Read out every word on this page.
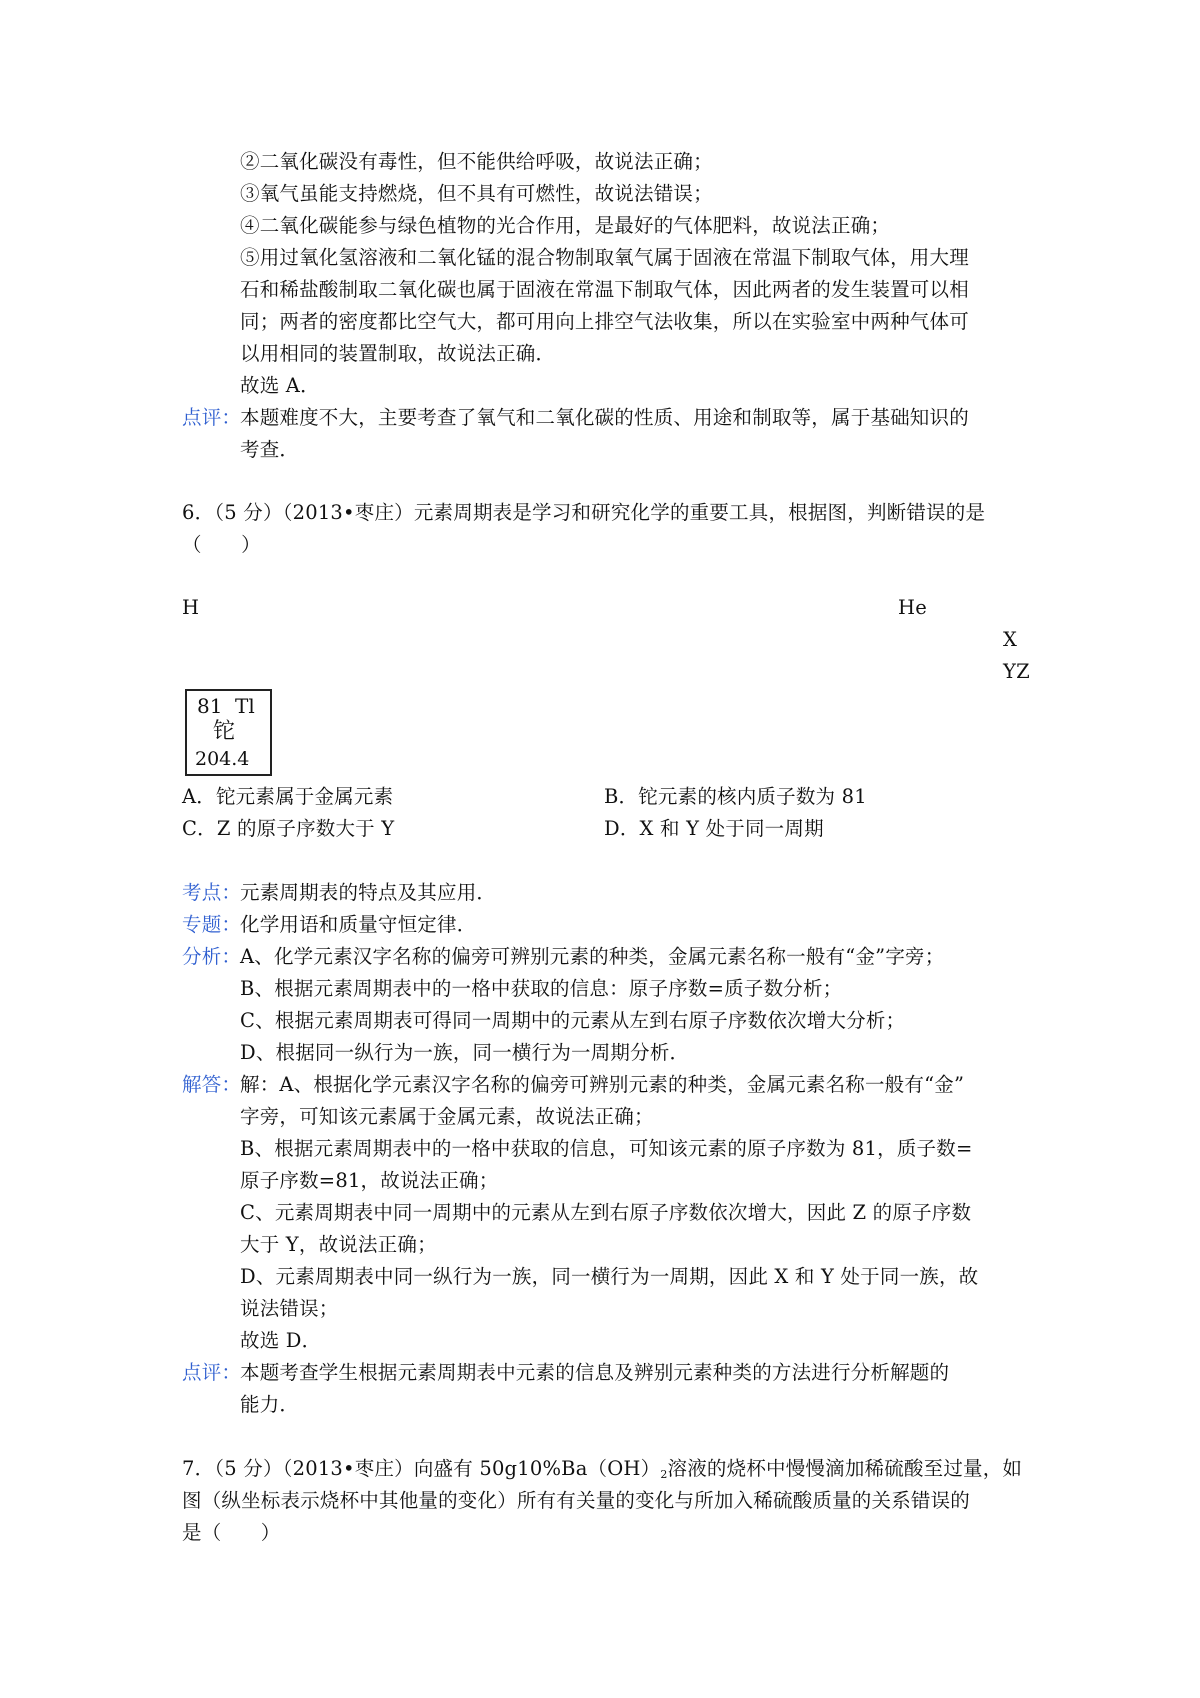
②二氧化碳没有毒性，但不能供给呼吸，故说法正确；
③氧气虽能支持燃烧，但不具有可燃性，故说法错误；
④二氧化碳能参与绿色植物的光合作用，是最好的气体肥料，故说法正确；
⑤用过氧化氢溶液和二氧化锰的混合物制取氧气属于固液在常温下制取气体，用大理
石和稀盐酸制取二氧化碳也属于固液在常温下制取气体，因此两者的发生装置可以相
同；两者的密度都比空气大，都可用向上排空气法收集，所以在实验室中两种气体可
以用相同的装置制取，故说法正确．
故选 A．
点评：
本题难度不大，主要考查了氧气和二氧化碳的性质、用途和制取等，属于基础知识的
考查．
6．（5 分）（2013•枣庄）元素周期表是学习和研究化学的重要工具，根据图，判断错误的是
（　　）
H	He
X
YZ
81 Tl
铊
204.4
A．铊元素属于金属元素	B．铊元素的核内质子数为 81
C．Z 的原子序数大于 Y	D．X 和 Y 处于同一周期
考点：
元素周期表的特点及其应用．
专题：
化学用语和质量守恒定律．
分析：
A、化学元素汉字名称的偏旁可辨别元素的种类，金属元素名称一般有“金”字旁；
B、根据元素周期表中的一格中获取的信息：原子序数=质子数分析；
C、根据元素周期表可得同一周期中的元素从左到右原子序数依次增大分析；
D、根据同一纵行为一族，同一横行为一周期分析．
解答：
解：A、根据化学元素汉字名称的偏旁可辨别元素的种类，金属元素名称一般有“金”
字旁，可知该元素属于金属元素，故说法正确；
B、根据元素周期表中的一格中获取的信息，可知该元素的原子序数为 81，质子数=
原子序数=81，故说法正确；
C、元素周期表中同一周期中的元素从左到右原子序数依次增大，因此 Z 的原子序数
大于 Y，故说法正确；
D、元素周期表中同一纵行为一族，同一横行为一周期，因此 X 和 Y 处于同一族，故
说法错误；
故选 D．
点评：
本题考查学生根据元素周期表中元素的信息及辨别元素种类的方法进行分析解题的
能力．
7．（5 分）（2013•枣庄）向盛有 $50g10\%Ba(OH)_2$溶液的烧杯中慢慢滴加稀硫酸至过量，如
图（纵坐标表示烧杯中其他量的变化）所有有关量的变化与所加入稀硫酸质量的关系错误的
是（　　）
